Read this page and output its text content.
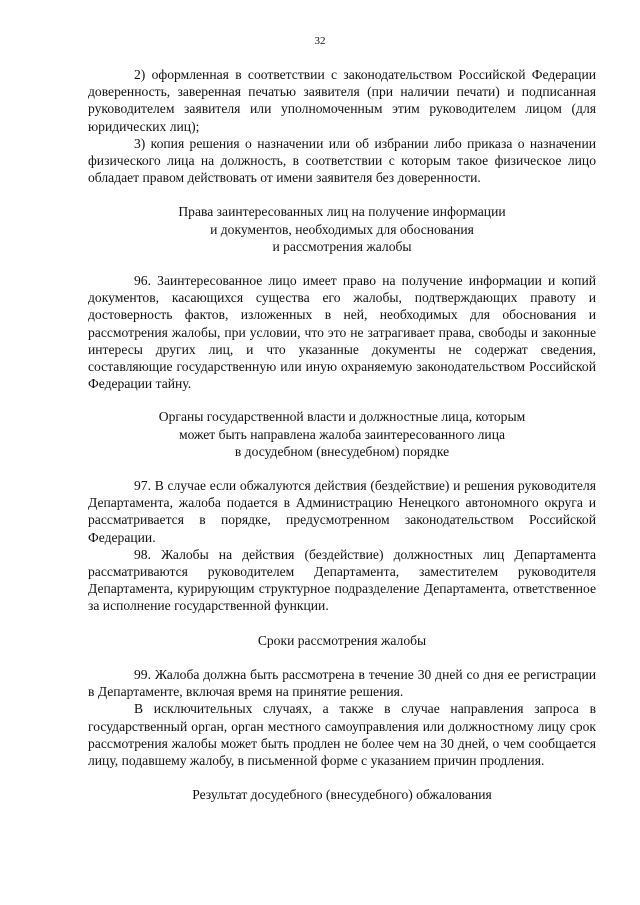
32

2) оформленная в соответствии с законодательством Российской Федерации доверенность, заверенная печатью заявителя (при наличии печати) и подписанная руководителем заявителя или уполномоченным этим руководителем лицом (для юридических лиц);

3) копия решения о назначении или об избрании либо приказа о назначении физического лица на должность, в соответствии с которым такое физическое лицо обладает правом действовать от имени заявителя без доверенности.

Права заинтересованных лиц на получение информации
и документов, необходимых для обоснования
и рассмотрения жалобы

96. Заинтересованное лицо имеет право на получение информации и копий документов, касающихся существа его жалобы, подтверждающих правоту и достоверность фактов, изложенных в ней, необходимых для обоснования и рассмотрения жалобы, при условии, что это не затрагивает права, свободы и законные интересы других лиц, и что указанные документы не содержат сведения, составляющие государственную или иную охраняемую законодательством Российской Федерации тайну.

Органы государственной власти и должностные лица, которым
может быть направлена жалоба заинтересованного лица
в досудебном (внесудебном) порядке

97. В случае если обжалуются действия (бездействие) и решения руководителя Департамента, жалоба подается в Администрацию Ненецкого автономного округа и рассматривается в порядке, предусмотренном законодательством Российской Федерации.

98. Жалобы на действия (бездействие) должностных лиц Департамента рассматриваются руководителем Департамента, заместителем руководителя Департамента, курирующим структурное подразделение Департамента, ответственное за исполнение государственной функции.

Сроки рассмотрения жалобы

99. Жалоба должна быть рассмотрена в течение 30 дней со дня ее регистрации в Департаменте, включая время на принятие решения.

В исключительных случаях, а также в случае направления запроса в государственный орган, орган местного самоуправления или должностному лицу срок рассмотрения жалобы может быть продлен не более чем на 30 дней, о чем сообщается лицу, подавшему жалобу, в письменной форме с указанием причин продления.

Результат досудебного (внесудебного) обжалования
